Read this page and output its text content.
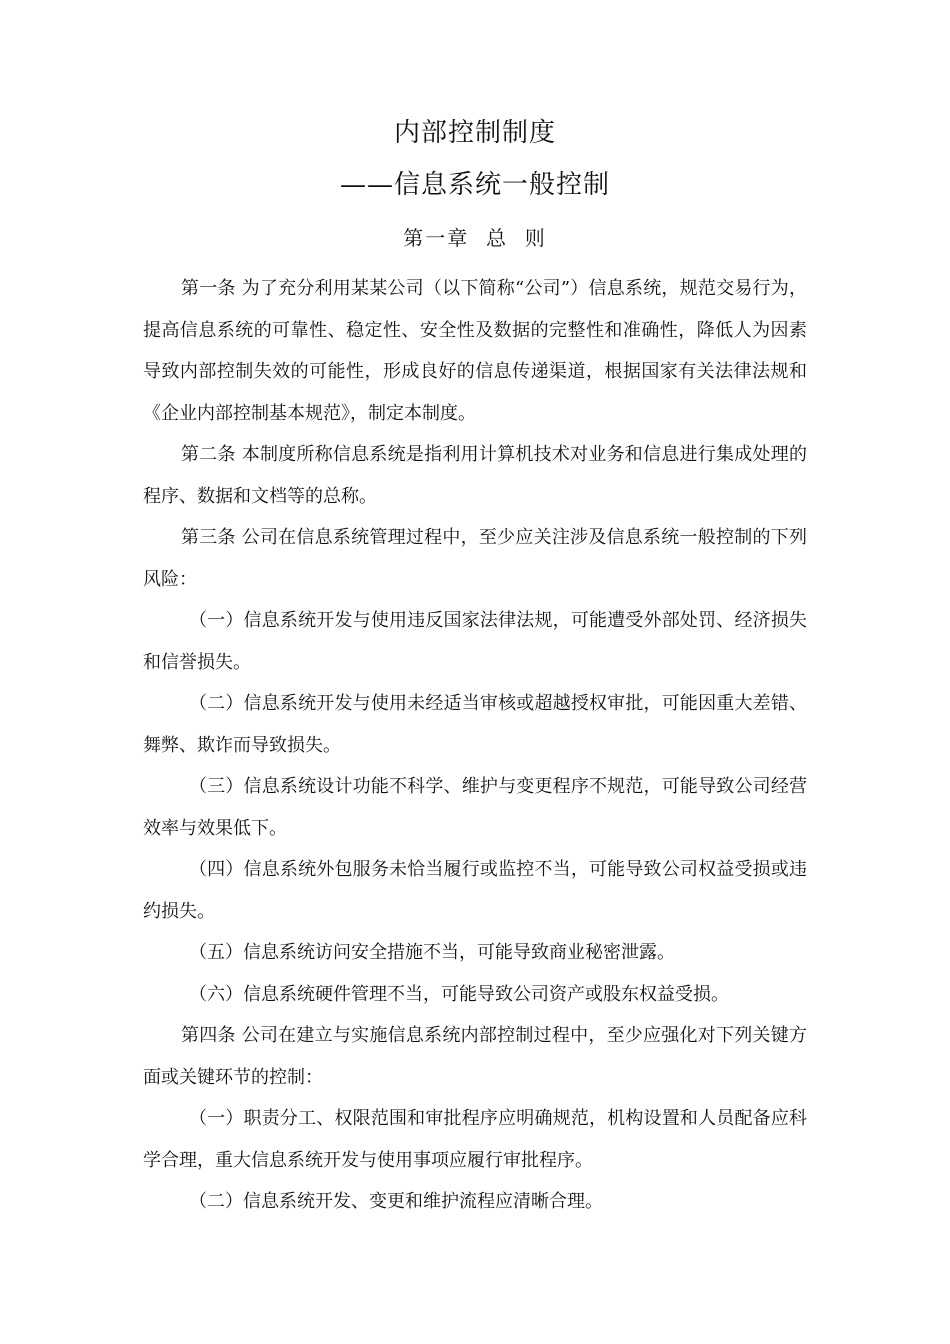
内部控制制度
——信息系统一般控制
第一章  总  则

第一条 为了充分利用某某公司（以下简称“公司”）信息系统，规范交易行为，提高信息系统的可靠性、稳定性、安全性及数据的完整性和准确性，降低人为因素导致内部控制失效的可能性，形成良好的信息传递渠道，根据国家有关法律法规和《企业内部控制基本规范》，制定本制度。

第二条 本制度所称信息系统是指利用计算机技术对业务和信息进行集成处理的程序、数据和文档等的总称。

第三条 公司在信息系统管理过程中，至少应关注涉及信息系统一般控制的下列风险：

（一）信息系统开发与使用违反国家法律法规，可能遭受外部处罚、经济损失和信誉损失。

（二）信息系统开发与使用未经适当审核或超越授权审批，可能因重大差错、舞弊、欺诈而导致损失。

（三）信息系统设计功能不科学、维护与变更程序不规范，可能导致公司经营效率与效果低下。

（四）信息系统外包服务未恰当履行或监控不当，可能导致公司权益受损或违约损失。

（五）信息系统访问安全措施不当，可能导致商业秘密泄露。

（六）信息系统硬件管理不当，可能导致公司资产或股东权益受损。

第四条 公司在建立与实施信息系统内部控制过程中，至少应强化对下列关键方面或关键环节的控制：

（一）职责分工、权限范围和审批程序应明确规范，机构设置和人员配备应科学合理，重大信息系统开发与使用事项应履行审批程序。

（二）信息系统开发、变更和维护流程应清晰合理。
